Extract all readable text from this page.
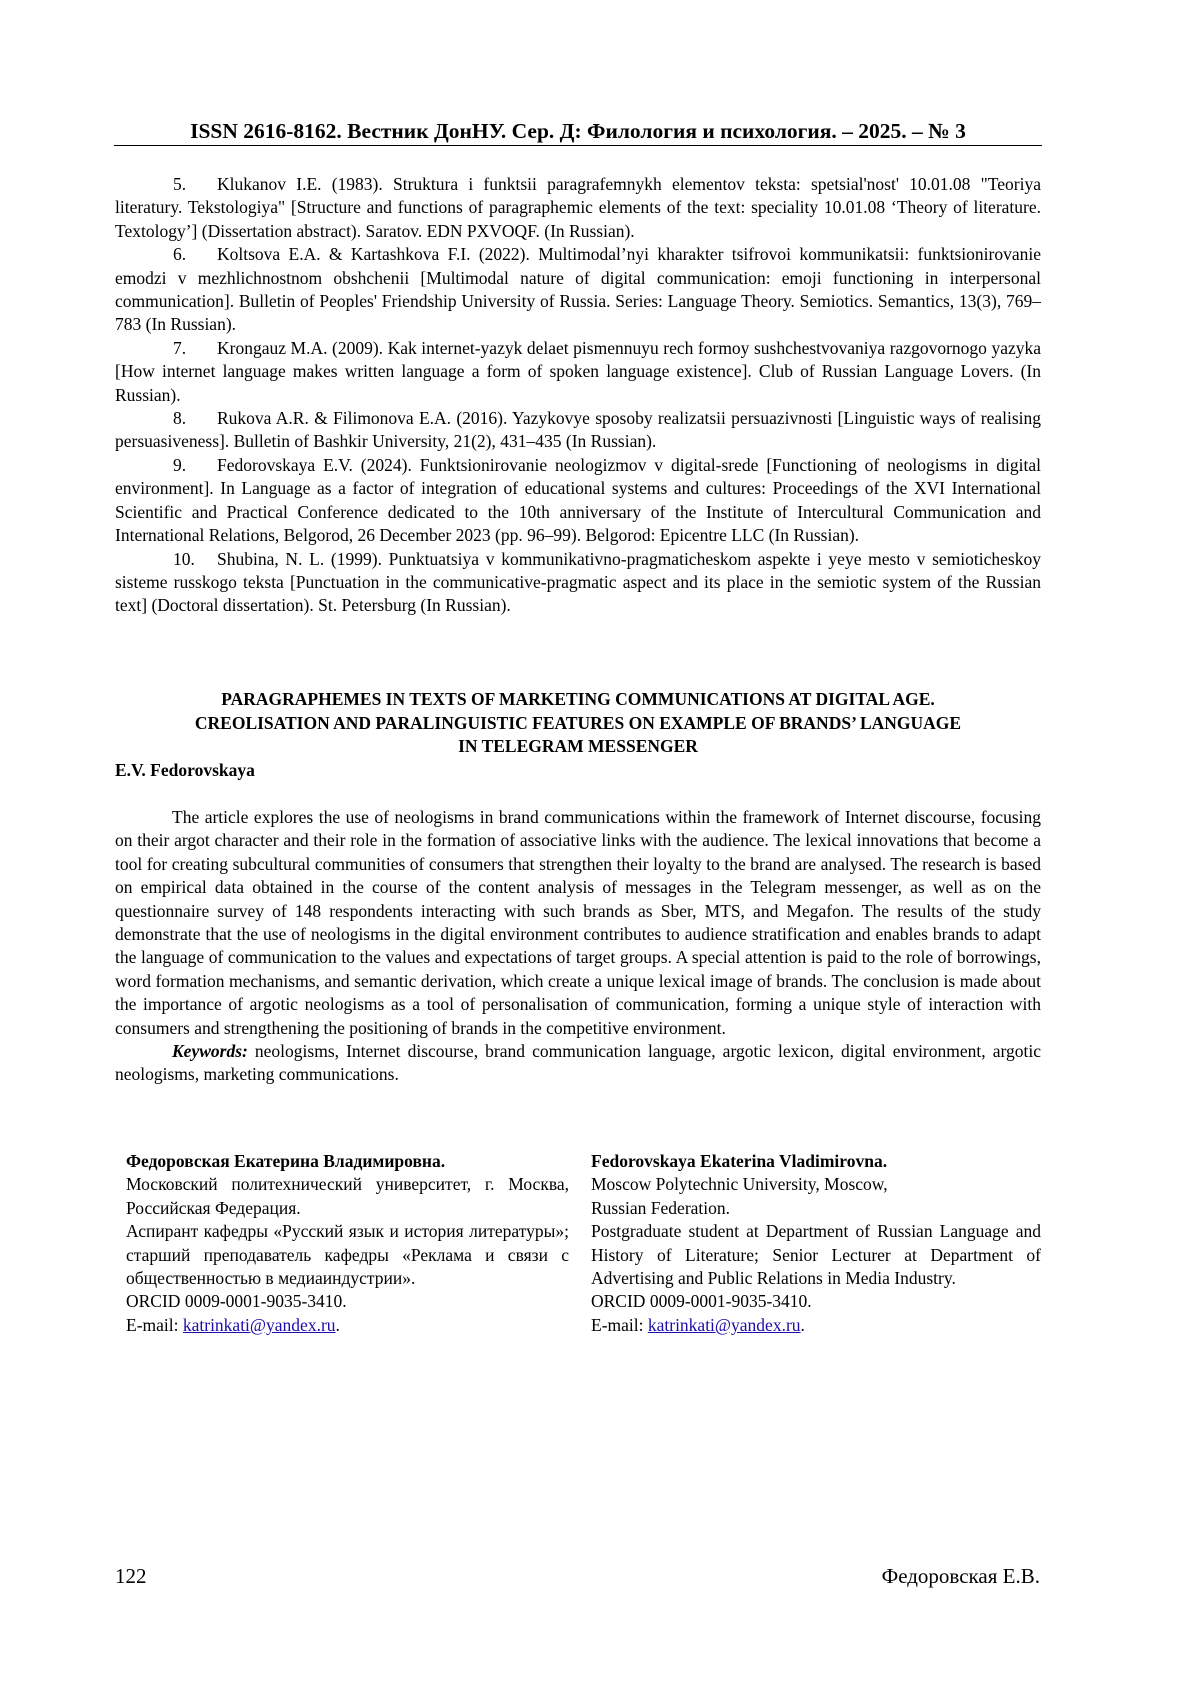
ISSN 2616-8162. Вестник ДонНУ. Сер. Д: Филология и психология. – 2025. – № 3

5. Klukanov I.E. (1983). Struktura i funktsii paragrafemnykh elementov teksta: spetsial'nost' 10.01.08 "Teoriya literatury. Tekstologiya" [Structure and functions of paragraphemic elements of the text: speciality 10.01.08 ‘Theory of literature. Textology’] (Dissertation abstract). Saratov. EDN PXVOQF. (In Russian).

6. Koltsova E.A. & Kartashkova F.I. (2022). Multimodal’nyi kharakter tsifrovoi kommunikatsii: funktsionirovanie emodzi v mezhlichnostnom obshchenii [Multimodal nature of digital communication: emoji functioning in interpersonal communication]. Bulletin of Peoples' Friendship University of Russia. Series: Language Theory. Semiotics. Semantics, 13(3), 769–783 (In Russian).

7. Krongauz M.A. (2009). Kak internet-yazyk delaet pismennuyu rech formoy sushchestvovaniya razgovornogo yazyka [How internet language makes written language a form of spoken language existence]. Club of Russian Language Lovers. (In Russian).

8. Rukova A.R. & Filimonova E.A. (2016). Yazykovye sposoby realizatsii persuazivnosti [Linguistic ways of realising persuasiveness]. Bulletin of Bashkir University, 21(2), 431–435 (In Russian).

9. Fedorovskaya E.V. (2024). Funktsionirovanie neologizmov v digital-srede [Functioning of neologisms in digital environment]. In Language as a factor of integration of educational systems and cultures: Proceedings of the XVI International Scientific and Practical Conference dedicated to the 10th anniversary of the Institute of Intercultural Communication and International Relations, Belgorod, 26 December 2023 (pp. 96–99). Belgorod: Epicentre LLC (In Russian).

10. Shubina, N. L. (1999). Punktuatsiya v kommunikativno-pragmaticheskom aspekte i yeye mesto v semioticheskoy sisteme russkogo teksta [Punctuation in the communicative-pragmatic aspect and its place in the semiotic system of the Russian text] (Doctoral dissertation). St. Petersburg (In Russian).

PARAGRAPHEMES IN TEXTS OF MARKETING COMMUNICATIONS AT DIGITAL AGE.
CREOLISATION AND PARALINGUISTIC FEATURES ON EXAMPLE OF BRANDS’ LANGUAGE
IN TELEGRAM MESSENGER
E.V. Fedorovskaya

The article explores the use of neologisms in brand communications within the framework of Internet discourse, focusing on their argot character and their role in the formation of associative links with the audience. The lexical innovations that become a tool for creating subcultural communities of consumers that strengthen their loyalty to the brand are analysed. The research is based on empirical data obtained in the course of the content analysis of messages in the Telegram messenger, as well as on the questionnaire survey of 148 respondents interacting with such brands as Sber, MTS, and Megafon. The results of the study demonstrate that the use of neologisms in the digital environment contributes to audience stratification and enables brands to adapt the language of communication to the values and expectations of target groups. A special attention is paid to the role of borrowings, word formation mechanisms, and semantic derivation, which create a unique lexical image of brands. The conclusion is made about the importance of argotic neologisms as a tool of personalisation of communication, forming a unique style of interaction with consumers and strengthening the positioning of brands in the competitive environment.

Keywords: neologisms, Internet discourse, brand communication language, argotic lexicon, digital environment, argotic neologisms, marketing communications.

Федоровская Екатерина Владимировна.
Московский политехнический университет, г. Москва, Российская Федерация.
Аспирант кафедры «Русский язык и история литературы»; старший преподаватель кафедры «Реклама и связи с общественностью в медиаиндустрии».
ORCID 0009-0001-9035-3410.
E-mail: katrinkati@yandex.ru.
Fedorovskaya Ekaterina Vladimirovna.
Moscow Polytechnic University, Moscow,
Russian Federation.
Postgraduate student at Department of Russian Language and History of Literature; Senior Lecturer at Department of Advertising and Public Relations in Media Industry.
ORCID 0009-0001-9035-3410.
E-mail: katrinkati@yandex.ru.
122	Федоровская Е.В.
